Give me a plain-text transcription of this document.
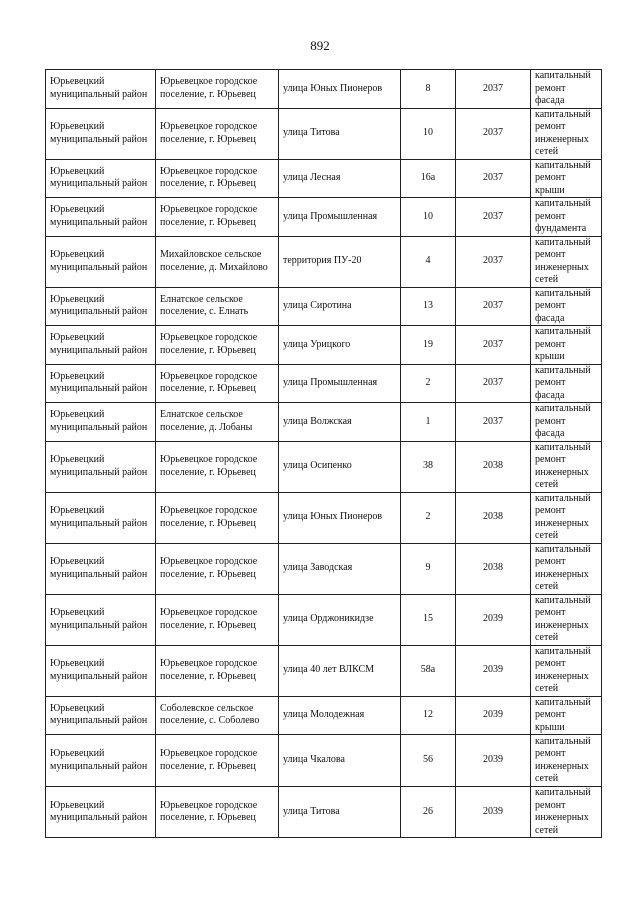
892
Юрьевецкий муниципальный район	Юрьевецкое городское поселение, г. Юрьевец	улица Юных Пионеров	8	2037	капитальный ремонт фасада
Юрьевецкий муниципальный район	Юрьевецкое городское поселение, г. Юрьевец	улица Титова	10	2037	капитальный ремонт инженерных сетей
Юрьевецкий муниципальный район	Юрьевецкое городское поселение, г. Юрьевец	улица Лесная	16а	2037	капитальный ремонт крыши
Юрьевецкий муниципальный район	Юрьевецкое городское поселение, г. Юрьевец	улица Промышленная	10	2037	капитальный ремонт фундамента
Юрьевецкий муниципальный район	Михайловское сельское поселение, д. Михайлово	территория ПУ-20	4	2037	капитальный ремонт инженерных сетей
Юрьевецкий муниципальный район	Елнатское сельское поселение, с. Елнать	улица Сиротина	13	2037	капитальный ремонт фасада
Юрьевецкий муниципальный район	Юрьевецкое городское поселение, г. Юрьевец	улица Урицкого	19	2037	капитальный ремонт крыши
Юрьевецкий муниципальный район	Юрьевецкое городское поселение, г. Юрьевец	улица Промышленная	2	2037	капитальный ремонт фасада
Юрьевецкий муниципальный район	Елнатское сельское поселение, д. Лобаны	улица Волжская	1	2037	капитальный ремонт фасада
Юрьевецкий муниципальный район	Юрьевецкое городское поселение, г. Юрьевец	улица Осипенко	38	2038	капитальный ремонт инженерных сетей
Юрьевецкий муниципальный район	Юрьевецкое городское поселение, г. Юрьевец	улица Юных Пионеров	2	2038	капитальный ремонт инженерных сетей
Юрьевецкий муниципальный район	Юрьевецкое городское поселение, г. Юрьевец	улица Заводская	9	2038	капитальный ремонт инженерных сетей
Юрьевецкий муниципальный район	Юрьевецкое городское поселение, г. Юрьевец	улица Орджоникидзе	15	2039	капитальный ремонт инженерных сетей
Юрьевецкий муниципальный район	Юрьевецкое городское поселение, г. Юрьевец	улица 40 лет ВЛКСМ	58а	2039	капитальный ремонт инженерных сетей
Юрьевецкий муниципальный район	Соболевское сельское поселение, с. Соболево	улица Молодежная	12	2039	капитальный ремонт крыши
Юрьевецкий муниципальный район	Юрьевецкое городское поселение, г. Юрьевец	улица Чкалова	56	2039	капитальный ремонт инженерных сетей
Юрьевецкий муниципальный район	Юрьевецкое городское поселение, г. Юрьевец	улица Титова	26	2039	капитальный ремонт инженерных сетей
